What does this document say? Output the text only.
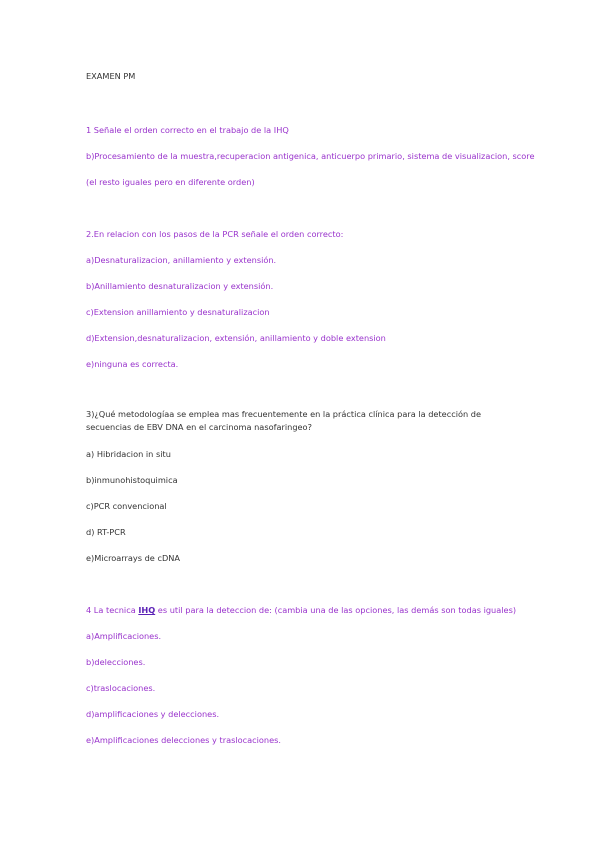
EXAMEN PM
1 Señale el orden correcto en el trabajo de la IHQ
b)Procesamiento de la muestra,recuperacion antigenica, anticuerpo primario, sistema de visualizacion, score
(el resto iguales pero en diferente orden)
2.En relacion con los pasos de la PCR señale el orden correcto:
a)Desnaturalizacion, anillamiento y extensión.
b)Anillamiento desnaturalizacion y extensión.
c)Extension anillamiento y desnaturalizacion
d)Extension,desnaturalizacion, extensión, anillamiento y doble extension
e)ninguna es correcta.
3)¿Qué metodologíaa se emplea mas frecuentemente en la práctica clínica para la detección de secuencias de EBV DNA en el carcinoma nasofaringeo?
a) Hibridacion in situ
b)inmunohistoquimica
c)PCR convencional
d) RT-PCR
e)Microarrays de cDNA
4 La tecnica IHQ es util para la deteccion de: (cambia una de las opciones, las demás son todas iguales)
a)Amplificaciones.
b)delecciones.
c)traslocaciones.
d)amplificaciones y delecciones.
e)Amplificaciones delecciones y traslocaciones.
